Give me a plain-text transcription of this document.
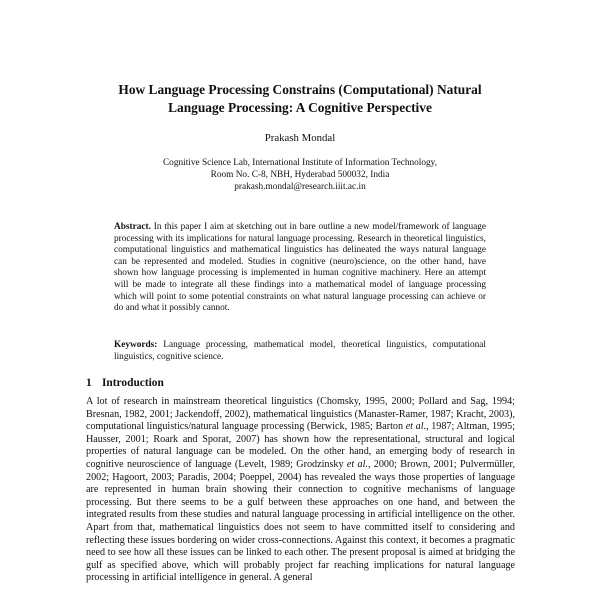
How Language Processing Constrains (Computational) Natural Language Processing: A Cognitive Perspective
Prakash Mondal
Cognitive Science Lab, International Institute of Information Technology,
Room No. C-8, NBH, Hyderabad 500032, India
prakash.mondal@research.iiit.ac.in
Abstract. In this paper I aim at sketching out in bare outline a new model/framework of language processing with its implications for natural language processing. Research in theoretical linguistics, computational linguistics and mathematical linguistics has delineated the ways natural language can be represented and modeled. Studies in cognitive (neuro)science, on the other hand, have shown how language processing is implemented in human cognitive machinery. Here an attempt will be made to integrate all these findings into a mathematical model of language processing which will point to some potential constraints on what natural language processing can achieve or do and what it possibly cannot.
Keywords: Language processing, mathematical model, theoretical linguistics, computational linguistics, cognitive science.
1 Introduction
A lot of research in mainstream theoretical linguistics (Chomsky, 1995, 2000; Pollard and Sag, 1994; Bresnan, 1982, 2001; Jackendoff, 2002), mathematical linguistics (Manaster-Ramer, 1987; Kracht, 2003), computational linguistics/natural language processing (Berwick, 1985; Barton et al., 1987; Altman, 1995; Hausser, 2001; Roark and Sporat, 2007) has shown how the representational, structural and logical properties of natural language can be modeled. On the other hand, an emerging body of research in cognitive neuroscience of language (Levelt, 1989; Grodzinsky et al., 2000; Brown, 2001; Pulvermüller, 2002; Hagoort, 2003; Paradis, 2004; Poeppel, 2004) has revealed the ways those properties of language are represented in human brain showing their connection to cognitive mechanisms of language processing. But there seems to be a gulf between these approaches on one hand, and between the integrated results from these studies and natural language processing in artificial intelligence on the other. Apart from that, mathematical linguistics does not seem to have committed itself to considering and reflecting these issues bordering on wider cross-connections. Against this context, it becomes a pragmatic need to see how all these issues can be linked to each other. The present proposal is aimed at bridging the gulf as specified above, which will probably project far reaching implications for natural language processing in artificial intelligence in general. A general
